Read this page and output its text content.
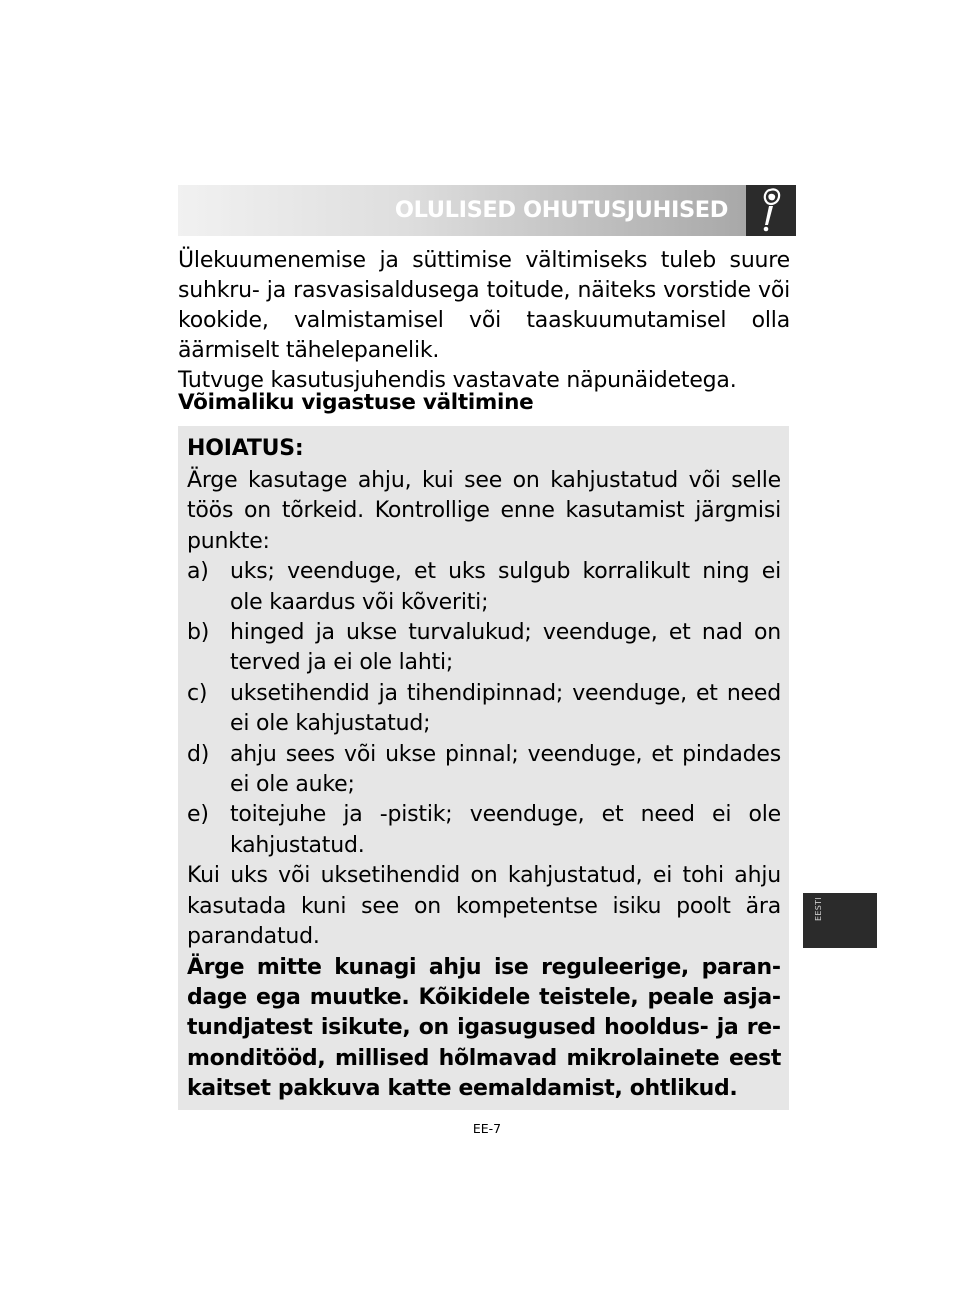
OLULISED OHUTUSJUHISED

Ülekuumenemise ja süttimise vältimiseks tuleb suure suhkru- ja rasvasisaldusega toitude, näiteks vorstide või kookide, valmistamisel või taaskuumutamisel olla äärmiselt tähelepanelik.

Tutvuge kasutusjuhendis vastavate näpunäidetega.

Võimaliku vigastuse vältimine
HOIATUS:

Ärge kasutage ahju, kui see on kahjustatud või selle töös on tõrkeid. Kontrollige enne kasutamist järgmisi punkte:

a) uks; veenduge, et uks sulgub korralikult ning ei ole kaardus või kõveriti;
b) hinged ja ukse turvalukud; veenduge, et nad on terved ja ei ole lahti;
c)	uksetihendid ja tihendipinnad; veenduge, et need ei ole kahjustatud;
d) ahju sees või ukse pinnal; veenduge, et pindades ei ole auke;
e) toitejuhe ja -pistik; veenduge, et need ei ole kahjustatud.

Kui uks või uksetihendid on kahjustatud, ei tohi ahju kasutada kuni see on kompetentse isiku poolt ära parandatud.

Ärge mitte kunagi ahju ise reguleerige, parandage ega muutke. Kõikidele teistele, peale asjatundjatest isikute, on igasugused hooldus- ja remonditööd, millised hõlmavad mikrolainete eest kaitset pakkuva katte eemaldamist, ohtlikud.

EESTI
EE-7
